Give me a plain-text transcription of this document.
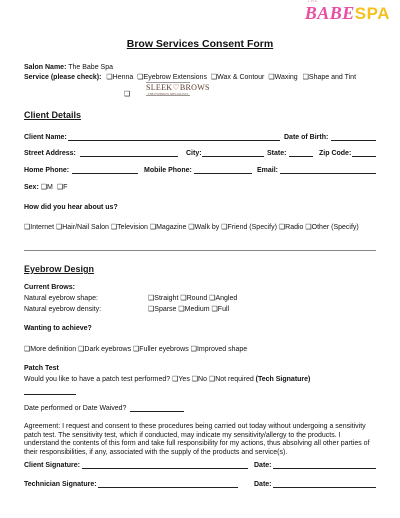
THE
BABESPA
Brow Services Consent Form
Salon Name: The Babe Spa
Service (please check): ❑Henna ❑Eyebrow Extensions ❑Wax & Contour ❑Waxing ❑Shape and Tint
❑
SLEEK♡BROWS
THE EYEBROW SPECIALISTS
Client Details
Client Name:	Date of Birth:
Street Address:	City:	State:	Zip Code:
Home Phone:	Mobile Phone:	Email:
Sex: ❑M ❑F
How did you hear about us?
❑Internet ❑Hair/Nail Salon ❑Television ❑Magazine ❑Walk by ❑Friend (Specify) ❑Radio ❑Other (Specify)
Eyebrow Design
Current Brows:
Natural eyebrow shape:	❑Straight ❑Round ❑Angled
Natural eyebrow density:	❑Sparse ❑Medium ❑Full
Wanting to achieve?
❑More definition ❑Dark eyebrows ❑Fuller eyebrows ❑Improved shape
Patch Test
Would you like to have a patch test performed? ❑Yes ❑No ❑Not required (Tech Signature)
Date performed or Date Waived?
Agreement: I request and consent to these procedures being carried out today without undergoing a sensitivity patch test. The sensitivity test, which if conducted, may indicate my sensitivity/allergy to the products. I understand the contents of this form and take full responsibility for my actions, thus absolving all other parties of their responsibilities, if any, associated with the supply of the products and service(s).
Client Signature:	Date:
Technician Signature:	Date:
